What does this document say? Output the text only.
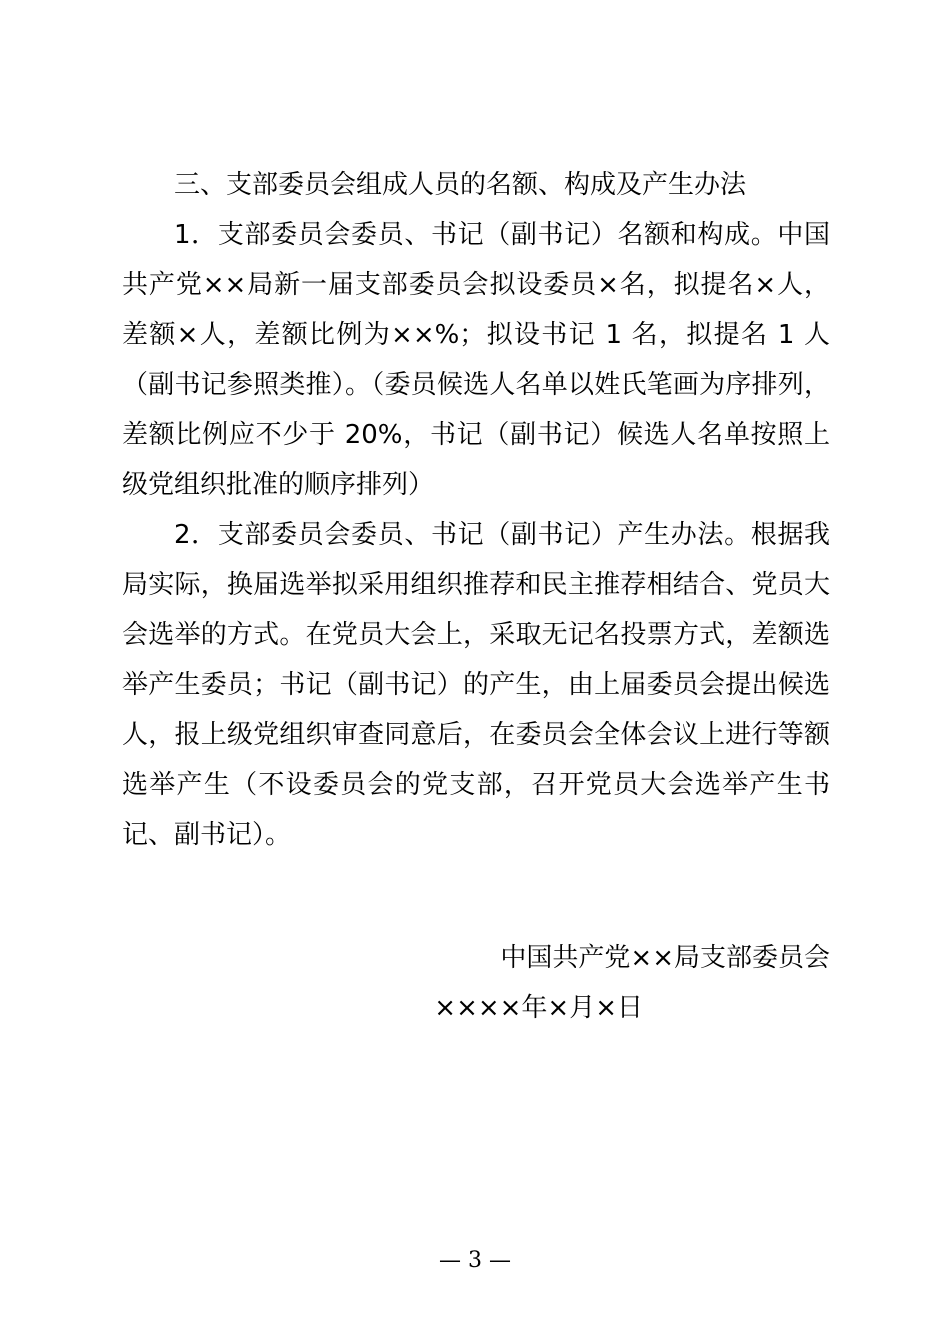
三、支部委员会组成人员的名额、构成及产生办法

1．支部委员会委员、书记（副书记）名额和构成。中国共产党××局新一届支部委员会拟设委员×名，拟提名×人，差额×人，差额比例为××%；拟设书记 1 名，拟提名 1 人（副书记参照类推）。（委员候选人名单以姓氏笔画为序排列，差额比例应不少于 20%，书记（副书记）候选人名单按照上级党组织批准的顺序排列）

2．支部委员会委员、书记（副书记）产生办法。根据我局实际，换届选举拟采用组织推荐和民主推荐相结合、党员大会选举的方式。在党员大会上，采取无记名投票方式，差额选举产生委员；书记（副书记）的产生，由上届委员会提出候选人，报上级党组织审查同意后，在委员会全体会议上进行等额选举产生（不设委员会的党支部，召开党员大会选举产生书记、副书记）。

中国共产党××局支部委员会
××××年×月×日
— 3 —
